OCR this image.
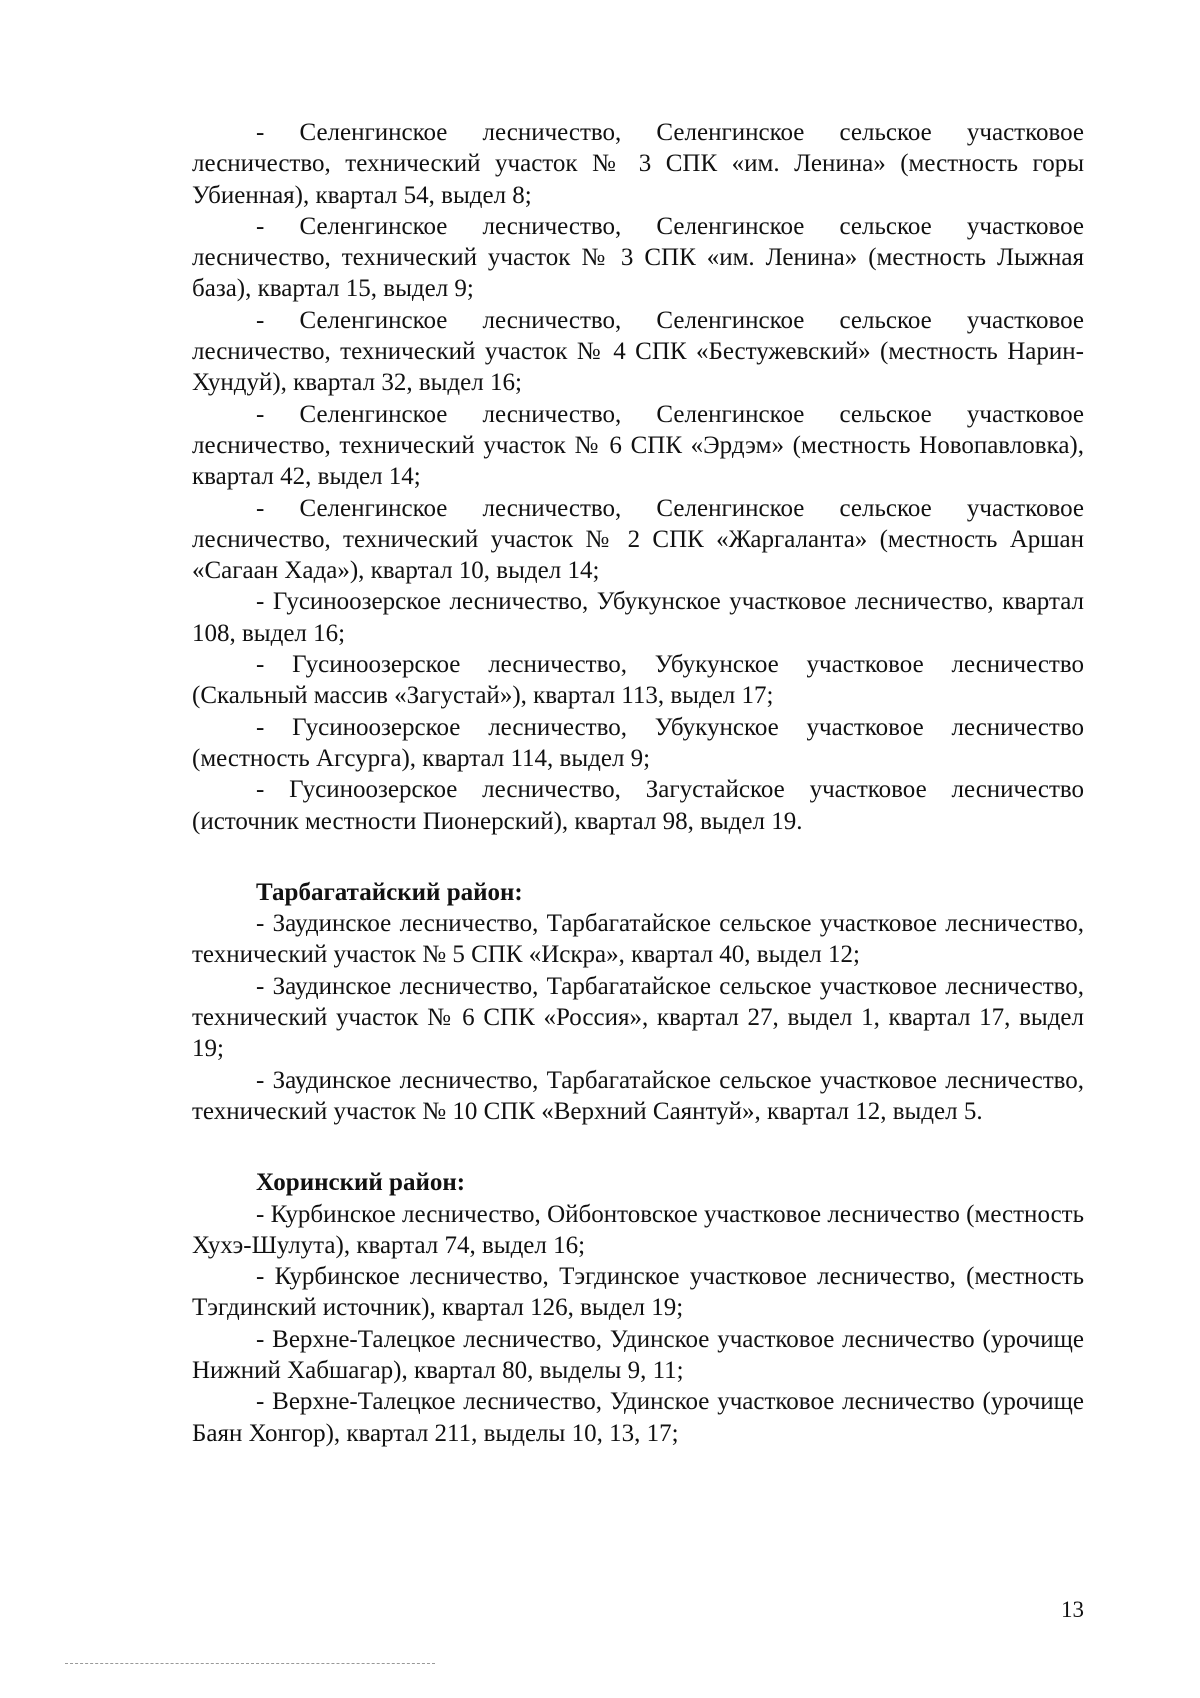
- Селенгинское лесничество, Селенгинское сельское участковое лесничество, технический участок № 3 СПК «им. Ленина» (местность горы Убиенная), квартал 54, выдел 8;

- Селенгинское лесничество, Селенгинское сельское участковое лесничество, технический участок № 3 СПК «им. Ленина» (местность Лыжная база), квартал 15, выдел 9;

- Селенгинское лесничество, Селенгинское сельское участковое лесничество, технический участок № 4 СПК «Бестужевский» (местность Нарин-Хундуй), квартал 32, выдел 16;

- Селенгинское лесничество, Селенгинское сельское участковое лесничество, технический участок № 6 СПК «Эрдэм» (местность Новопавловка), квартал 42, выдел 14;

- Селенгинское лесничество, Селенгинское сельское участковое лесничество, технический участок № 2 СПК «Жаргаланта» (местность Аршан «Сагаан Хада»), квартал 10, выдел 14;

- Гусиноозерское лесничество, Убукунское участковое лесничество, квартал 108, выдел 16;

- Гусиноозерское лесничество, Убукунское участковое лесничество (Скальный массив «Загустай»), квартал 113, выдел 17;

- Гусиноозерское лесничество, Убукунское участковое лесничество (местность Агсурга), квартал 114, выдел 9;

- Гусиноозерское лесничество, Загустайское участковое лесничество (источник местности Пионерский), квартал 98, выдел 19.

Тарбагатайский район:

- Заудинское лесничество, Тарбагатайское сельское участковое лесничество, технический участок № 5 СПК «Искра», квартал 40, выдел 12;

- Заудинское лесничество, Тарбагатайское сельское участковое лесничество, технический участок № 6 СПК «Россия», квартал 27, выдел 1, квартал 17, выдел 19;

- Заудинское лесничество, Тарбагатайское сельское участковое лесничество, технический участок № 10 СПК «Верхний Саянтуй», квартал 12, выдел 5.

Хоринский район:

- Курбинское лесничество, Ойбонтовское участковое лесничество (местность Хухэ-Шулута), квартал 74, выдел 16;

- Курбинское лесничество, Тэгдинское участковое лесничество, (местность Тэгдинский источник), квартал 126, выдел 19;

- Верхне-Талецкое лесничество, Удинское участковое лесничество (урочище Нижний Хабшагар), квартал 80, выделы 9, 11;

- Верхне-Талецкое лесничество, Удинское участковое лесничество (урочище Баян Хонгор), квартал 211, выделы 10, 13, 17;

13
